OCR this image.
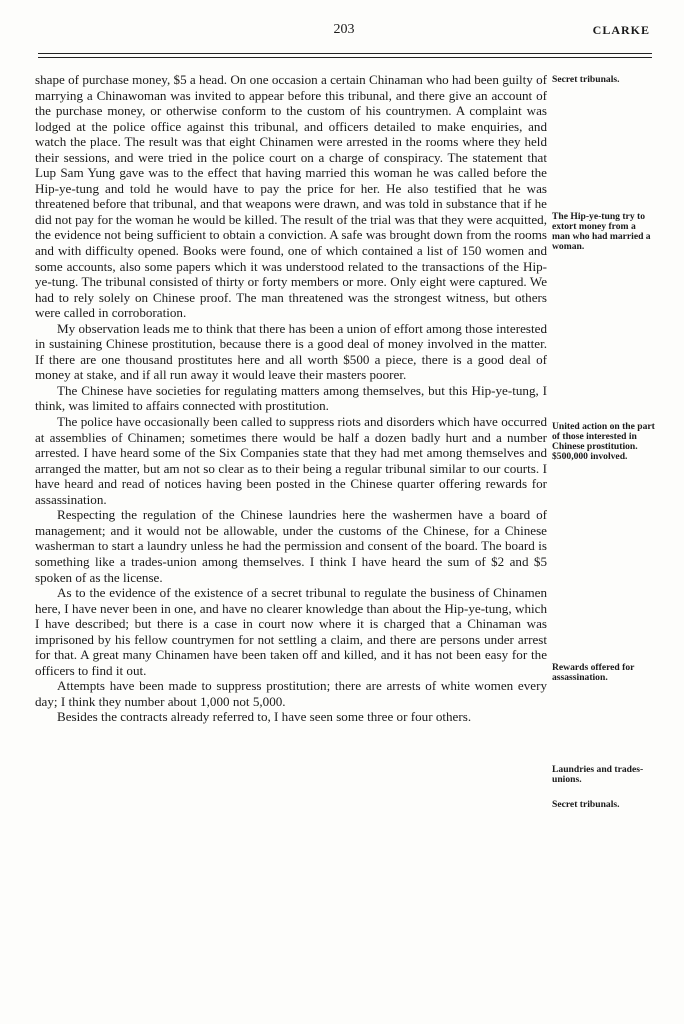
203	CLARKE

shape of purchase money, $5 a head. On one occasion a certain Chinaman who had been guilty of marrying a Chinawoman was invited to appear before this tribunal, and there give an account of the purchase money, or otherwise conform to the custom of his countrymen. A complaint was lodged at the police office against this tribunal, and officers detailed to make enquiries, and watch the place. The result was that eight Chinamen were arrested in the rooms where they held their sessions, and were tried in the police court on a charge of conspiracy. The statement that Lup Sam Yung gave was to the effect that having married this woman he was called before the Hip-ye-tung and told he would have to pay the price for her. He also testified that he was threatened before that tribunal, and that weapons were drawn, and was told in substance that if he did not pay for the woman he would be killed. The result of the trial was that they were acquitted, the evidence not being sufficient to obtain a conviction. A safe was brought down from the rooms and with difficulty opened. Books were found, one of which contained a list of 150 women and some accounts, also some papers which it was understood related to the transactions of the Hip-ye-tung. The tribunal consisted of thirty or forty members or more. Only eight were captured. We had to rely solely on Chinese proof. The man threatened was the strongest witness, but others were called in corroboration.

My observation leads me to think that there has been a union of effort among those interested in sustaining Chinese prostitution, because there is a good deal of money involved in the matter. If there are one thousand prostitutes here and all worth $500 a piece, there is a good deal of money at stake, and if all run away it would leave their masters poorer.

The Chinese have societies for regulating matters among themselves, but this Hip-ye-tung, I think, was limited to affairs connected with prostitution.

The police have occasionally been called to suppress riots and disorders which have occurred at assemblies of Chinamen; sometimes there would be half a dozen badly hurt and a number arrested. I have heard some of the Six Companies state that they had met among themselves and arranged the matter, but am not so clear as to their being a regular tribunal similar to our courts. I have heard and read of notices having been posted in the Chinese quarter offering rewards for assassination.

Respecting the regulation of the Chinese laundries here the washermen have a board of management; and it would not be allowable, under the customs of the Chinese, for a Chinese washerman to start a laundry unless he had the permission and consent of the board. The board is something like a trades-union among themselves. I think I have heard the sum of $2 and $5 spoken of as the license.

As to the evidence of the existence of a secret tribunal to regulate the business of Chinamen here, I have never been in one, and have no clearer knowledge than about the Hip-ye-tung, which I have described; but there is a case in court now where it is charged that a Chinaman was imprisoned by his fellow countrymen for not settling a claim, and there are persons under arrest for that. A great many Chinamen have been taken off and killed, and it has not been easy for the officers to find it out.

Attempts have been made to suppress prostitution; there are arrests of white women every day; I think they number about 1,000 not 5,000.

Besides the contracts already referred to, I have seen some three or four others.

Secret tribunals.
The Hip-ye-tung try to extort money from a man who had married a woman.
United action on the part of those interested in Chinese prostitution. $500,000 involved.
Rewards offered for assassination.
Laundries and trades-unions.
Secret tribunals.
